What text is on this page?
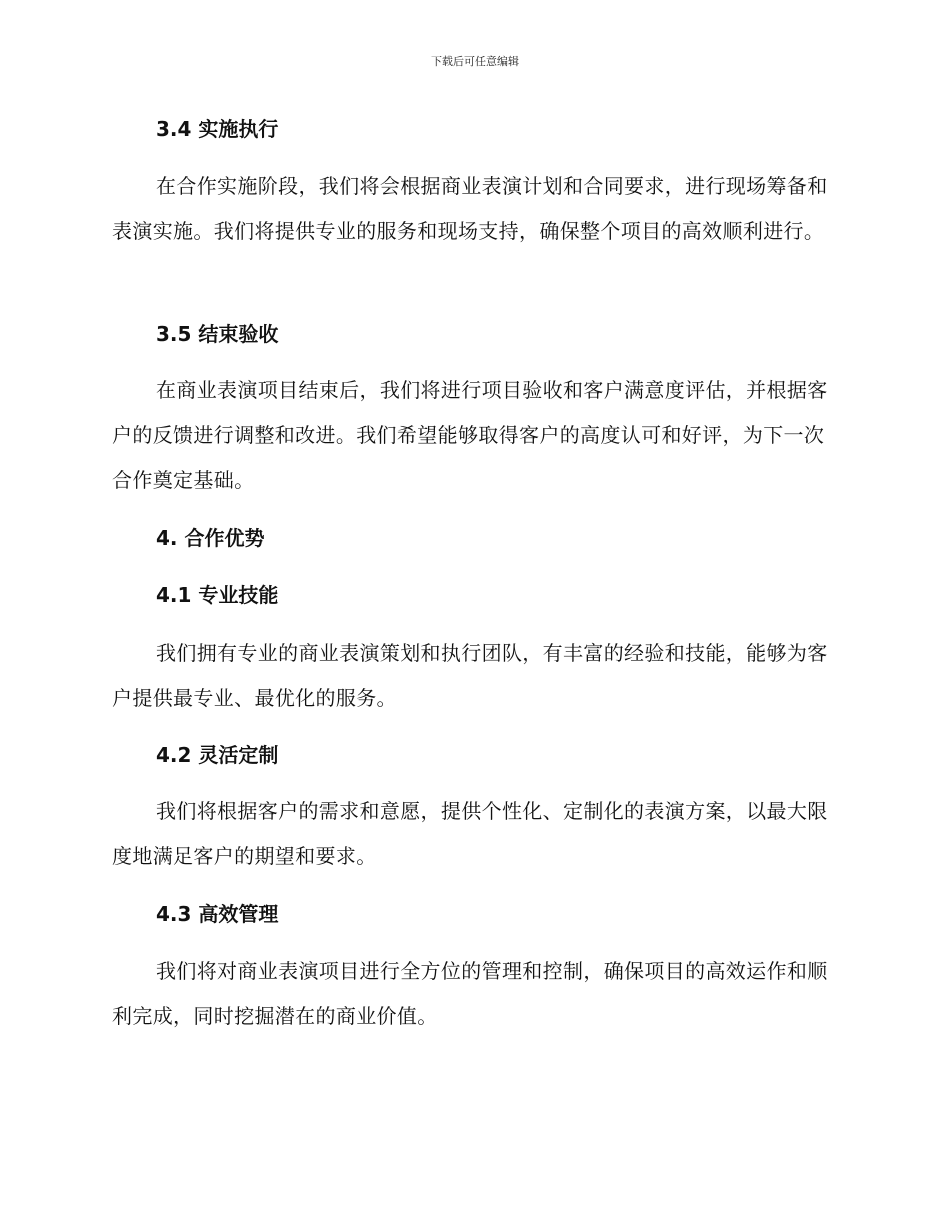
下载后可任意编辑
3.4 实施执行

在合作实施阶段，我们将会根据商业表演计划和合同要求，进行现场筹备和表演实施。我们将提供专业的服务和现场支持，确保整个项目的高效顺利进行。

3.5 结束验收

在商业表演项目结束后，我们将进行项目验收和客户满意度评估，并根据客户的反馈进行调整和改进。我们希望能够取得客户的高度认可和好评，为下一次合作奠定基础。

4. 合作优势
4.1 专业技能

我们拥有专业的商业表演策划和执行团队，有丰富的经验和技能，能够为客户提供最专业、最优化的服务。

4.2 灵活定制

我们将根据客户的需求和意愿，提供个性化、定制化的表演方案，以最大限度地满足客户的期望和要求。

4.3 高效管理

我们将对商业表演项目进行全方位的管理和控制，确保项目的高效运作和顺利完成，同时挖掘潜在的商业价值。
